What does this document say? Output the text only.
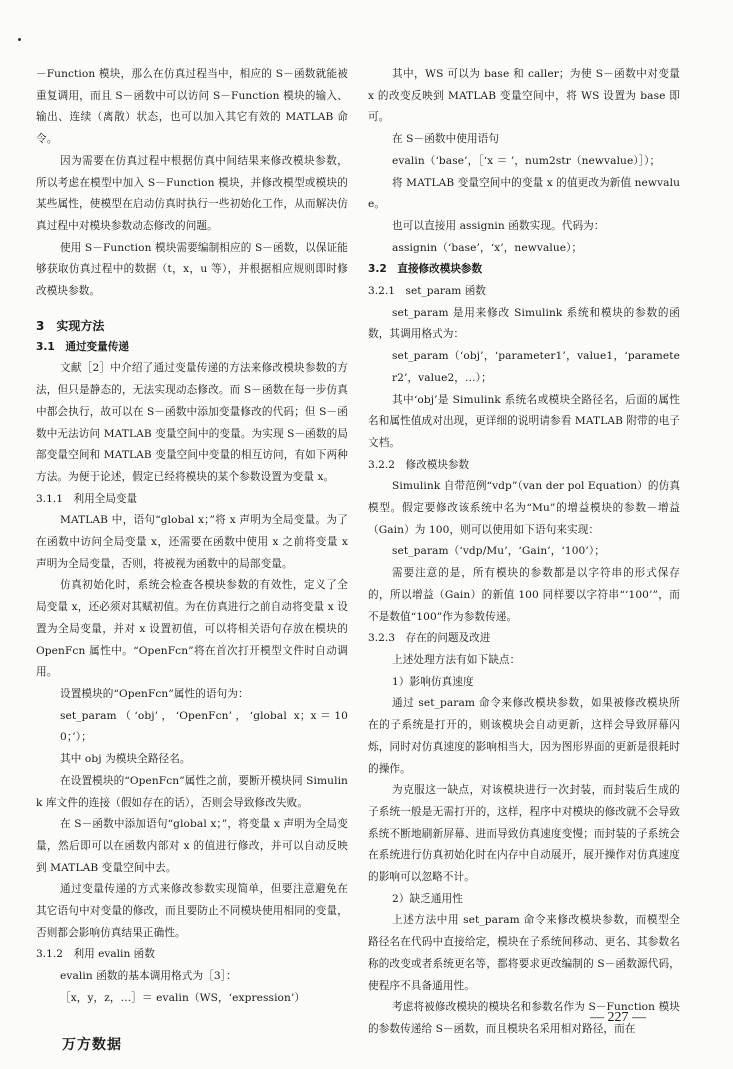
－Function 模块，那么在仿真过程当中，相应的 S－函数就能被重复调用，而且 S－函数中可以访问 S－Function 模块的输入、输出、连续（离散）状态，也可以加入其它有效的 MATLAB 命令。

因为需要在仿真过程中根据仿真中间结果来修改模块参数，所以考虑在模型中加入 S－Function 模块，并修改模型或模块的某些属性，使模型在启动仿真时执行一些初始化工作，从而解决仿真过程中对模块参数动态修改的问题。

使用 S－Function 模块需要编制相应的 S－函数，以保证能够获取仿真过程中的数据（t，x，u 等），并根据相应规则即时修改模块参数。

3　实现方法
3.1　通过变量传递

文献［2］中介绍了通过变量传递的方法来修改模块参数的方法，但只是静态的，无法实现动态修改。而 S－函数在每一步仿真中都会执行，故可以在 S－函数中添加变量修改的代码；但 S－函数中无法访问 MATLAB 变量空间中的变量。为实现 S－函数的局部变量空间和 MATLAB 变量空间中变量的相互访问，有如下两种方法。为便于论述，假定已经将模块的某个参数设置为变量 x。

3.1.1　利用全局变量

MATLAB 中，语句“global x；”将 x 声明为全局变量。为了在函数中访问全局变量 x，还需要在函数中使用 x 之前将变量 x 声明为全局变量，否则，将被视为函数中的局部变量。

仿真初始化时，系统会检查各模块参数的有效性，定义了全局变量 x，还必须对其赋初值。为在仿真进行之前自动将变量 x 设置为全局变量，并对 x 设置初值，可以将相关语句存放在模块的 OpenFcn 属性中。“OpenFcn”将在首次打开模型文件时自动调用。

设置模块的“OpenFcn”属性的语句为：

set_param（‘obj’，‘OpenFcn’，‘global x；x＝100；’）；

其中 obj 为模块全路径名。

在设置模块的“OpenFcn”属性之前，要断开模块同 Simulink 库文件的连接（假如存在的话），否则会导致修改失败。

在 S－函数中添加语句“global x；”，将变量 x 声明为全局变量，然后即可以在函数内部对 x 的值进行修改，并可以自动反映到 MATLAB 变量空间中去。

通过变量传递的方式来修改参数实现简单，但要注意避免在其它语句中对变量的修改，而且要防止不同模块使用相同的变量，否则都会影响仿真结果正确性。

3.1.2　利用 evalin 函数

evalin 函数的基本调用格式为［3］：

［x，y，z，…］＝ evalin（WS，‘expression’）

其中，WS 可以为 base 和 caller；为使 S－函数中对变量 x 的改变反映到 MATLAB 变量空间中，将 WS 设置为 base 即可。

在 S－函数中使用语句

evalin（‘base’，［‘x ＝ ’，num2str（newvalue）］）；

将 MATLAB 变量空间中的变量 x 的值更改为新值 newvalue。

也可以直接用 assignin 函数实现。代码为：

assignin（‘base’，‘x’，newvalue）；

3.2　直接修改模块参数
3.2.1　set_param 函数

set_param 是用来修改 Simulink 系统和模块的参数的函数，其调用格式为：

set_param（‘obj’，‘parameter1’，value1，‘parameter2’，value2，…）；

其中‘obj’是 Simulink 系统名或模块全路径名，后面的属性名和属性值成对出现，更详细的说明请参看 MATLAB 附带的电子文档。

3.2.2　修改模块参数

Simulink 自带范例“vdp”（van der pol Equation）的仿真模型。假定要修改该系统中名为“Mu”的增益模块的参数－增益（Gain）为 100，则可以使用如下语句来实现：

set_param（‘vdp/Mu’，‘Gain’，‘100’）；

需要注意的是，所有模块的参数都是以字符串的形式保存的，所以增益（Gain）的新值 100 同样要以字符串“‘100’”，而不是数值“100”作为参数传递。

3.2.3　存在的问题及改进

上述处理方法有如下缺点：

1）影响仿真速度

通过 set_param 命令来修改模块参数，如果被修改模块所在的子系统是打开的，则该模块会自动更新，这样会导致屏幕闪烁，同时对仿真速度的影响相当大，因为图形界面的更新是很耗时的操作。

为克服这一缺点，对该模块进行一次封装，而封装后生成的子系统一般是无需打开的，这样，程序中对模块的修改就不会导致系统不断地刷新屏幕、进而导致仿真速度变慢；而封装的子系统会在系统进行仿真初始化时在内存中自动展开，展开操作对仿真速度的影响可以忽略不计。

2）缺乏通用性

上述方法中用 set_param 命令来修改模块参数，而模型全路径名在代码中直接给定，模块在子系统间移动、更名、其参数名称的改变或者系统更名等，都将要求更改编制的 S－函数源代码，使程序不具备通用性。

考虑将被修改模块的模块名和参数名作为 S－Function 模块的参数传递给 S－函数，而且模块名采用相对路径，而在

— 227 —
万方数据
